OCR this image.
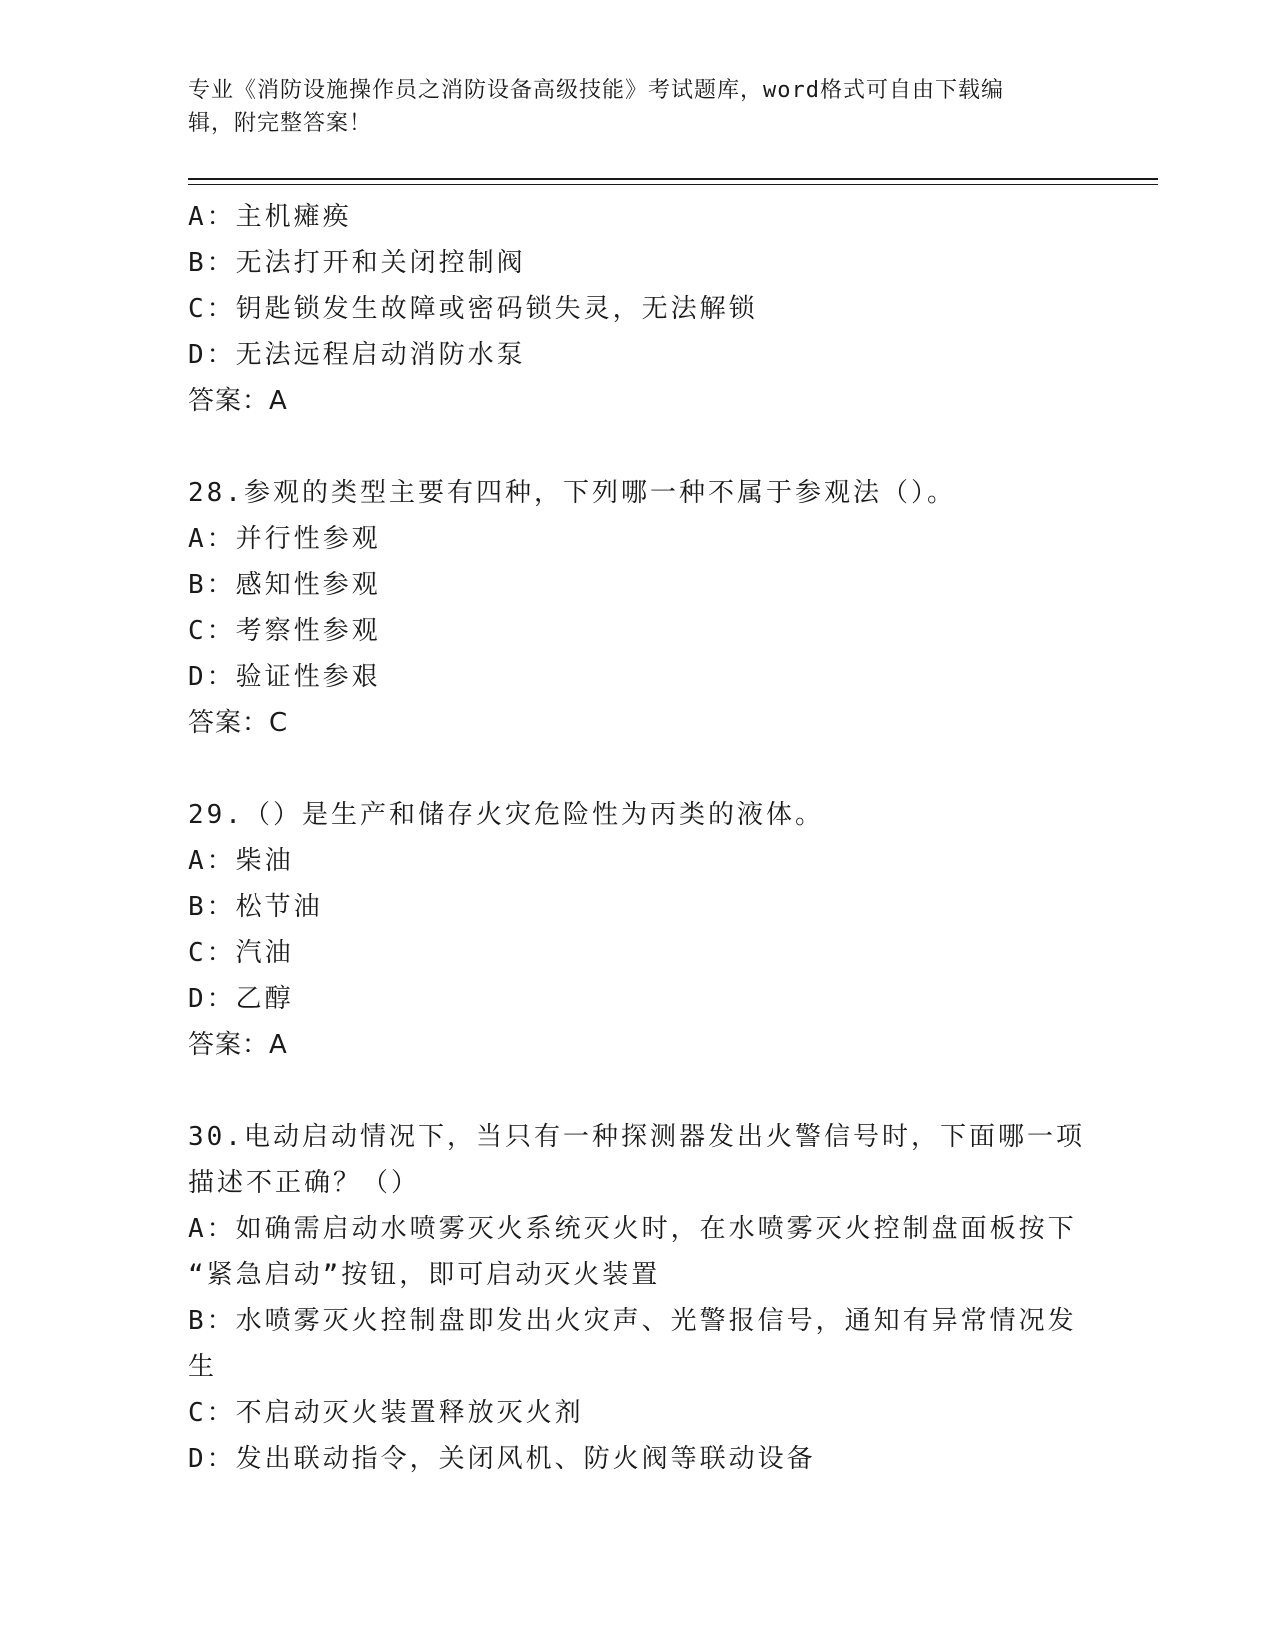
专业《消防设施操作员之消防设备高级技能》考试题库，word格式可自由下载编
辑，附完整答案！
A：主机瘫痪
B：无法打开和关闭控制阀
C：钥匙锁发生故障或密码锁失灵，无法解锁
D：无法远程启动消防水泵
答案：A
28.参观的类型主要有四种，下列哪一种不属于参观法（）。
A：并行性参观
B：感知性参观
C：考察性参观
D：验证性参艰
答案：C
29.（）是生产和储存火灾危险性为丙类的液体。
A：柴油
B：松节油
C：汽油
D：乙醇
答案：A
30.电动启动情况下，当只有一种探测器发出火警信号时，下面哪一项
描述不正确？（）
A：如确需启动水喷雾灭火系统灭火时，在水喷雾灭火控制盘面板按下
“紧急启动”按钮，即可启动灭火装置
B：水喷雾灭火控制盘即发出火灾声、光警报信号，通知有异常情况发
生
C：不启动灭火装置释放灭火剂
D：发出联动指令，关闭风机、防火阀等联动设备
